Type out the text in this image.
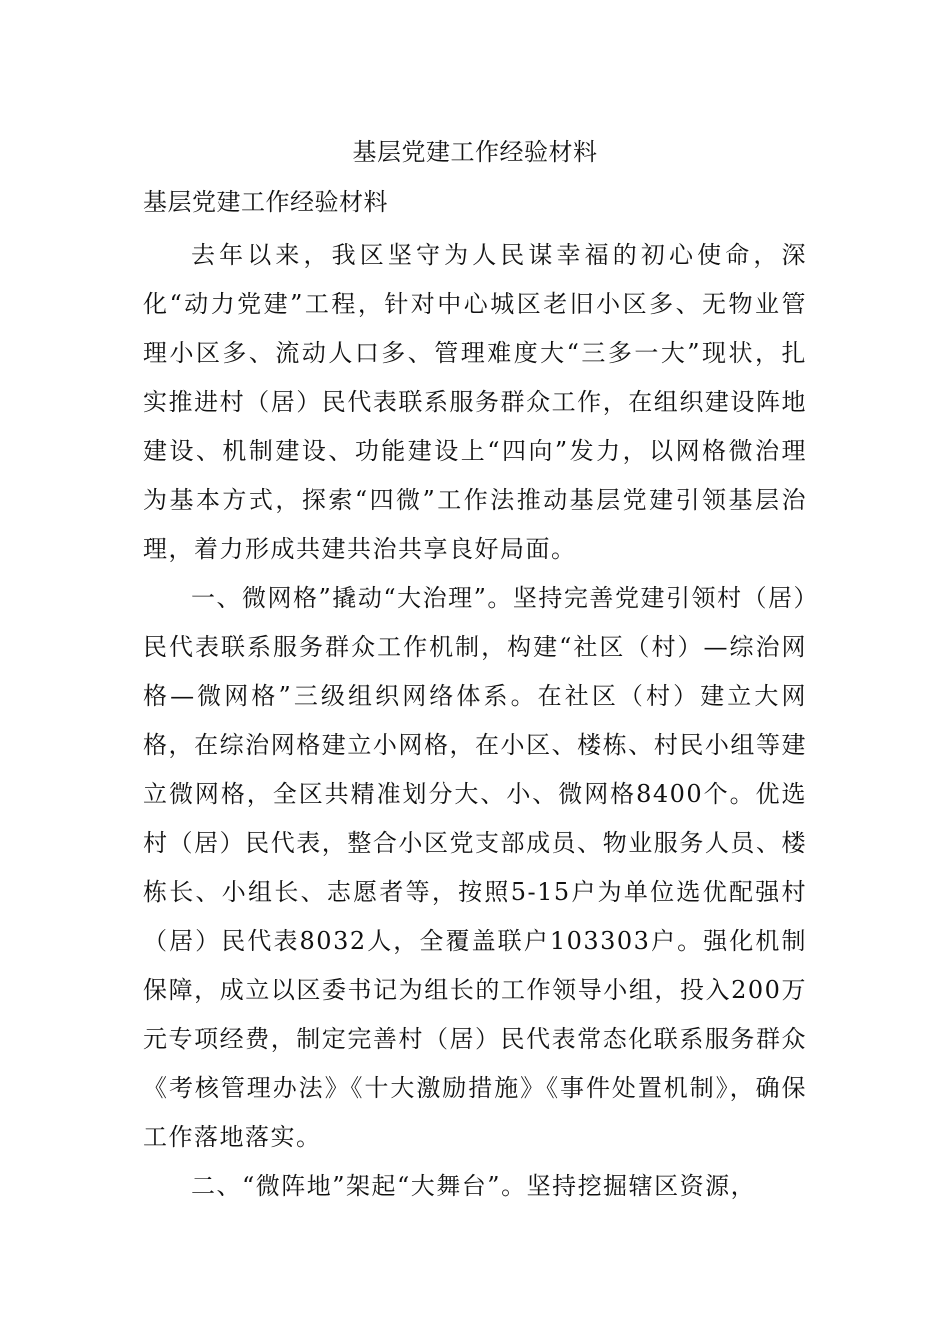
基层党建工作经验材料
基层党建工作经验材料

去年以来，我区坚守为人民谋幸福的初心使命，深化“动力党建”工程，针对中心城区老旧小区多、无物业管理小区多、流动人口多、管理难度大“三多一大”现状，扎实推进村（居）民代表联系服务群众工作，在组织建设阵地建设、机制建设、功能建设上“四向”发力，以网格微治理为基本方式，探索“四微”工作法推动基层党建引领基层治理，着力形成共建共治共享良好局面。

一、微网格”撬动“大治理”。坚持完善党建引领村（居）民代表联系服务群众工作机制，构建“社区（村）—综治网格—微网格”三级组织网络体系。在社区（村）建立大网格，在综治网格建立小网格，在小区、楼栋、村民小组等建立微网格，全区共精准划分大、小、微网格8400个。优选村（居）民代表，整合小区党支部成员、物业服务人员、楼栋长、小组长、志愿者等，按照5-15户为单位选优配强村（居）民代表8032人，全覆盖联户103303户。强化机制保障，成立以区委书记为组长的工作领导小组，投入200万元专项经费，制定完善村（居）民代表常态化联系服务群众《考核管理办法》《十大激励措施》《事件处置机制》，确保工作落地落实。

二、“微阵地”架起“大舞台”。坚持挖掘辖区资源，
